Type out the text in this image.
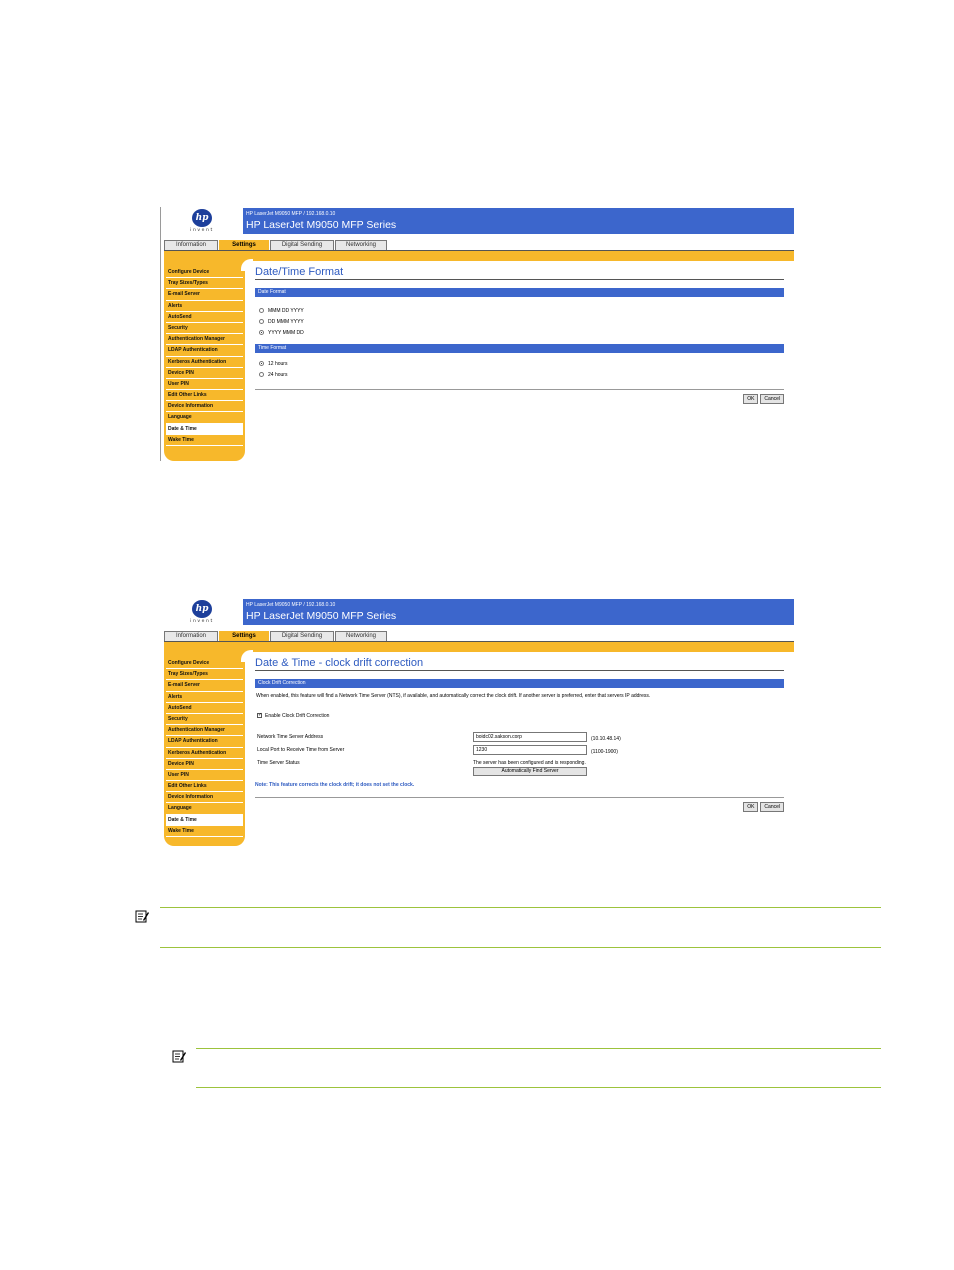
hp
invent
HP LaserJet M9050 MFP / 192.168.0.10
HP LaserJet M9050 MFP Series
Information	Settings	Digital Sending	Networking
Configure Device
Tray Sizes/Types
E-mail Server
Alerts
AutoSend
Security
Authentication Manager
LDAP Authentication
Kerberos Authentication
Device PIN
User PIN
Edit Other Links
Device Information
Language
Date & Time
Wake Time
Date/Time Format
Date Format
MMM DD YYYY
DD MMM YYYY
YYYY MMM DD
Time Format
12 hours
24 hours
OK	Cancel
hp
invent
HP LaserJet M9050 MFP / 192.168.0.10
HP LaserJet M9050 MFP Series
Information	Settings	Digital Sending	Networking
Configure Device
Tray Sizes/Types
E-mail Server
Alerts
AutoSend
Security
Authentication Manager
LDAP Authentication
Kerberos Authentication
Device PIN
User PIN
Edit Other Links
Device Information
Language
Date & Time
Wake Time
Date & Time - clock drift correction
Clock Drift Correction
When enabled, this feature will find a Network Time Server (NTS), if available, and automatically correct the clock drift. If another server is preferred, enter that servers IP address.
✓ Enable Clock Drift Correction
Network Time Server Address	boidc02.sakson.corp	(10.10.48.14)
Local Port to Receive Time from Server	1230	(1100-1900)
Time Server Status	The server has been configured and is responding.
Automatically Find Server
Note: This feature corrects the clock drift; it does not set the clock.
OK	Cancel
